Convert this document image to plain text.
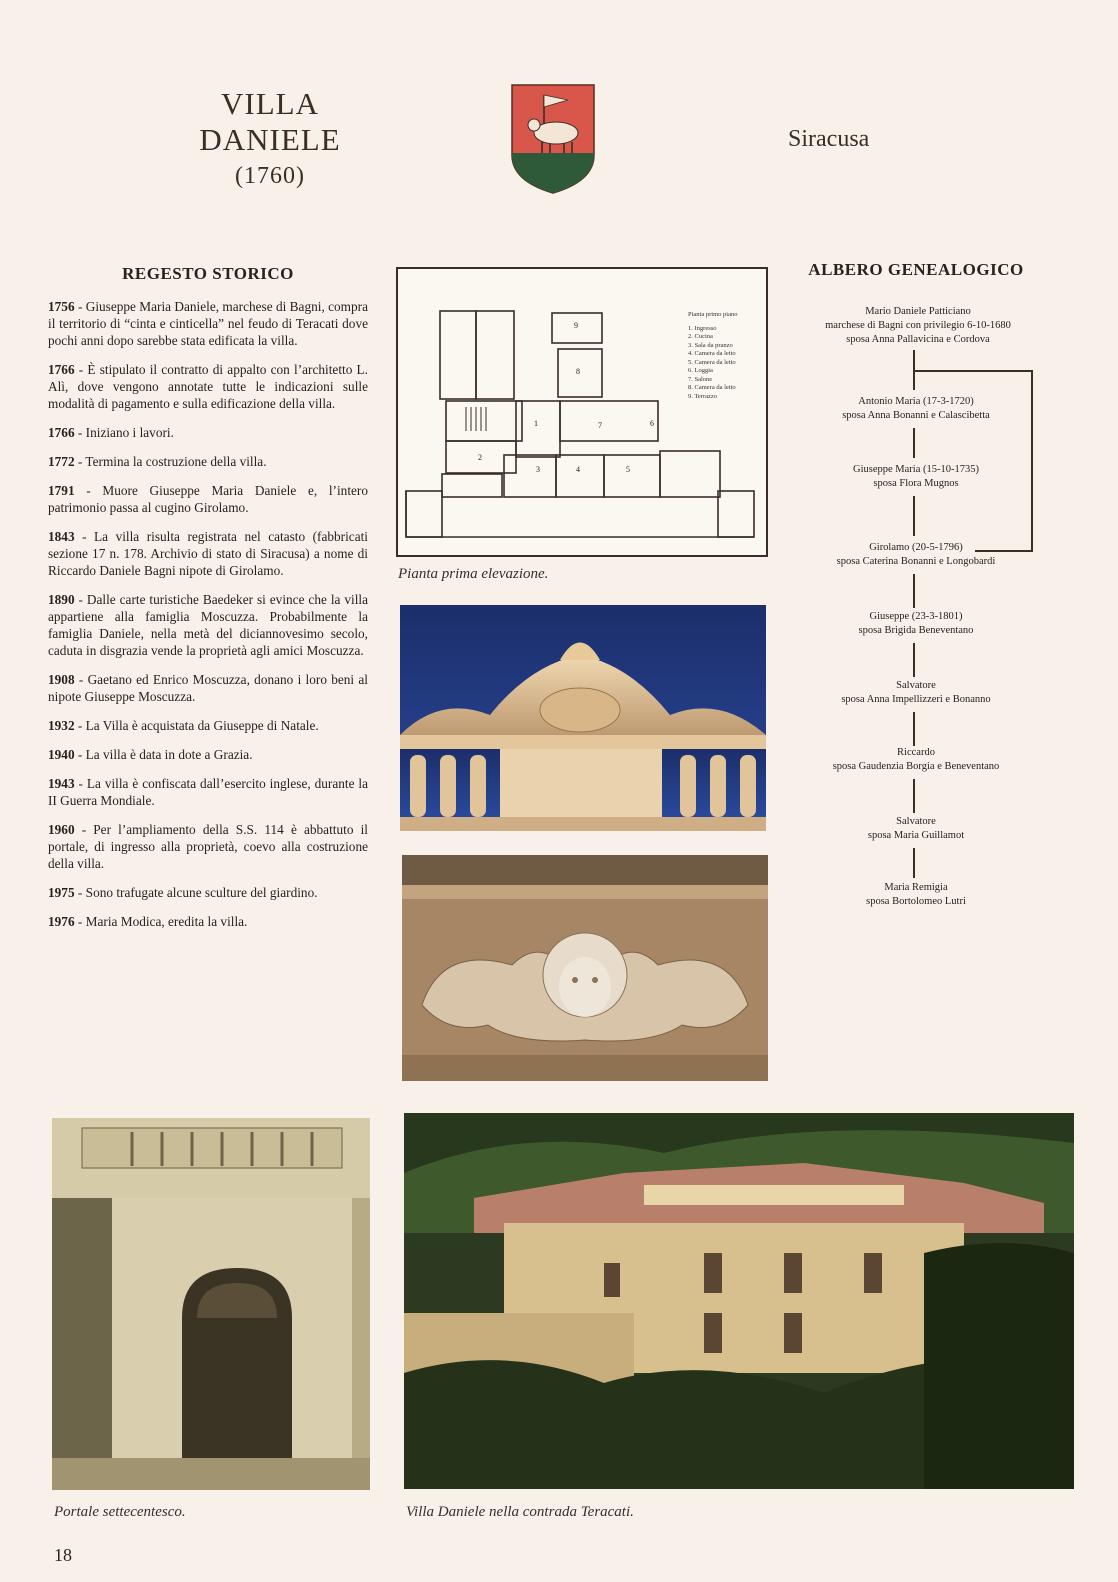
VILLA
DANIELE
(1760)
Siracusa
REGESTO STORICO

1756 - Giuseppe Maria Daniele, marchese di Bagni, compra il territorio di “cinta e cinticella” nel feudo di Teracati dove pochi anni dopo sarebbe stata edificata la villa.

1766 - È stipulato il contratto di appalto con l’architetto L. Alì, dove vengono annotate tutte le indicazioni sulle modalità di pagamento e sulla edificazione della villa.

1766 - Iniziano i lavori.

1772 - Termina la costruzione della villa.

1791 - Muore Giuseppe Maria Daniele e, l’intero patrimonio passa al cugino Girolamo.

1843 - La villa risulta registrata nel catasto (fabbricati sezione 17 n. 178. Archivio di stato di Siracusa) a nome di Riccardo Daniele Bagni nipote di Girolamo.

1890 - Dalle carte turistiche Baedeker si evince che la villa appartiene alla famiglia Moscuzza. Probabilmente la famiglia Daniele, nella metà del diciannovesimo secolo, caduta in disgrazia vende la proprietà agli amici Moscuzza.

1908 - Gaetano ed Enrico Moscuzza, donano i loro beni al nipote Giuseppe Moscuzza.

1932 - La Villa è acquistata da Giuseppe di Natale.

1940 - La villa è data in dote a Grazia.

1943 - La villa è confiscata dall’esercito inglese, durante la II Guerra Mondiale.

1960 - Per l’ampliamento della S.S. 114 è abbattuto il portale, di ingresso alla proprietà, coevo alla costruzione della villa.

1975 - Sono trafugate alcune sculture del giardino.

1976 - Maria Modica, eredita la villa.

9
8
1
2
7	6
3	4	5
Pianta primo piano
1. Ingresso
2. Cucina
3. Sala da pranzo
4. Camera da letto
5. Camera da letto
6. Loggia
7. Salone
8. Camera da letto
9. Terrazzo
Pianta prima elevazione.
ALBERO GENEALOGICO
Mario Daniele Patticiano
marchese di Bagni con privilegio 6-10-1680
sposa Anna Pallavicina e Cordova
Antonio Maria (17-3-1720)
sposa Anna Bonanni e Calascibetta
Giuseppe Maria (15-10-1735)
sposa Flora Mugnos
Girolamo (20-5-1796)
sposa Caterina Bonanni e Longobardi
Giuseppe (23-3-1801)
sposa Brigida Beneventano
Salvatore
sposa Anna Impellizzeri e Bonanno
Riccardo
sposa Gaudenzia Borgia e Beneventano
Salvatore
sposa Maria Guillamot
Maria Remigia
sposa Bortolomeo Lutri
Portale settecentesco.	Villa Daniele nella contrada Teracati.
18
